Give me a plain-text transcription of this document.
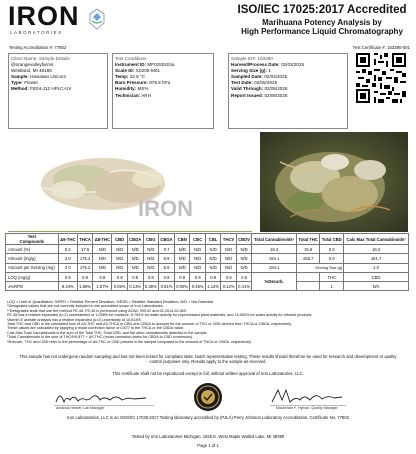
IRON
LABORATORIES
ISO/IEC 17025:2017 Accredited
Marihuana Potency Analysis by
High Performance Liquid Chromatography
Testing Accreditation #: 77802	Test Certificate #: 153390-001
Client Name, Sample Details
@orangevalleyfarms
Westland, MI 48185
Sample: Hawaiian Unicorn
Type: Flower
Method: FE04-J12 HPLC-UV
Test Conditions
Instrument ID: MF0250204a
Scale ID: XS205-M01
Temp: 22.5 °C
Baro Pressure: 979.8 hPa
Humidity: MS%
Technician: ARH
Sample ID#: 153390
Harvest/Process Date: 02/03/2025
Serving Size (g): 1
Sampled Date: 02/03/2025
Test Date: 02/05/2025
Valid Through: 02/05/2026
Report Issued: 02/05/2025
IRON
Test
Compounds	Δ9-THC	THCA	Δ8-THC	CBD	CBDA	CBG	CBGA	CBN	CBC	CBL	THCV	CBDV	Total Cannabinoids¹	Total THC	Total CBD	Calc Max Total Cannabinoids²
Amount (%)	0.2	17.5	N/D	N/D	N/D	N/D	0.7	N/D	N/D	N/D	N/D	N/D	18.4	15.6	0.0	16.2
Amount (mg/g)	2.0	175.2	N/D	N/D	N/D	N/D	6.9	N/D	N/D	N/D	N/D	N/D	184.1	155.7	0.0	161.7
Amount per Serving (mg)	2.0	175.2	N/D	N/D	N/D	N/D	6.9	N/D	N/D	N/D	N/D	N/D	184.1	Serving Size (g)		1.0
LOQ (mg/g)	0.9	0.9	0.9	0.9	0.9	0.9	0.9	0.9	0.9	0.9	0.9	0.9	%Decarb.		THC	CBD
±%RPD	8.44%	1.86%	1.87%	0.09%	0.13%	0.38%	0.61%	0.08%	0.46%	1.14%	0.12%	0.41%			1	N/A
LOQ = Limit of Quantitation; %RPD = Relative Percent Deviation; %RSD = Relative Standard Deviation; N/D = Not Detected
*Designates values that are not currently included in the accredited scope of Iron Laboratories.
**Designates tests that use the method FE-45. FE-45 is performed using AOAC 999.02 and 02.2014-32.009.
FE-45 has a relative expanded (k=2) uncertainties of 1.098% for moisture, 8.754% for water activity for unprocessed plant materials, and 13.052% for water activity for infused products.
Vitamin E acetate analysis has a relative expanded (k=2) uncertainty of 10.614%.
Total THC and CBD is the calculated sum of Δ9-THC and Δ9-THCA or CBD and CBDA to account for the amount of THC or CBD derived from THCA or CBDA, respectively.
These values are calculated by applying a molar correction factor of 0.877 to the THCA or the CBDA value.
Calc Max Total Cannabinoids is the sum of the Total THC, Total CBD, and the other cannabinoids detected in the sample.
¹Total Cannabinoids is the sum of THCA*0.877 + Δ9-THC (molar correction factor for CBDA to CBD conversion).
%Decarb. THC and CBD refer to the percentage of Δ9-THC or CBD present in the sample compared to the amount of THCA or CBDA, respectively.
This sample has not undergone random sampling and has not been tested for compliant state, batch representative testing. These results should therefore be used for research and development or quality control purposes only. Results apply to the sample as received.
This certificate shall not be reproduced except in full, without written approval of Iron Laboratories, LLC.
Amanda Heisler, Lab Manager	Mackenzie F. Hyman, Quality Manager
Iron Laboratories, LLC is an ISO/IEC 17025:2017 Testing laboratory accredited by (PJLA) Perry Johnson Laboratory Accreditation, Certificate No. 77802
Tested by Iron Laboratories Michigan, 1825 E. West Maple Walled Lake, MI 48390
Page 1 of 1
